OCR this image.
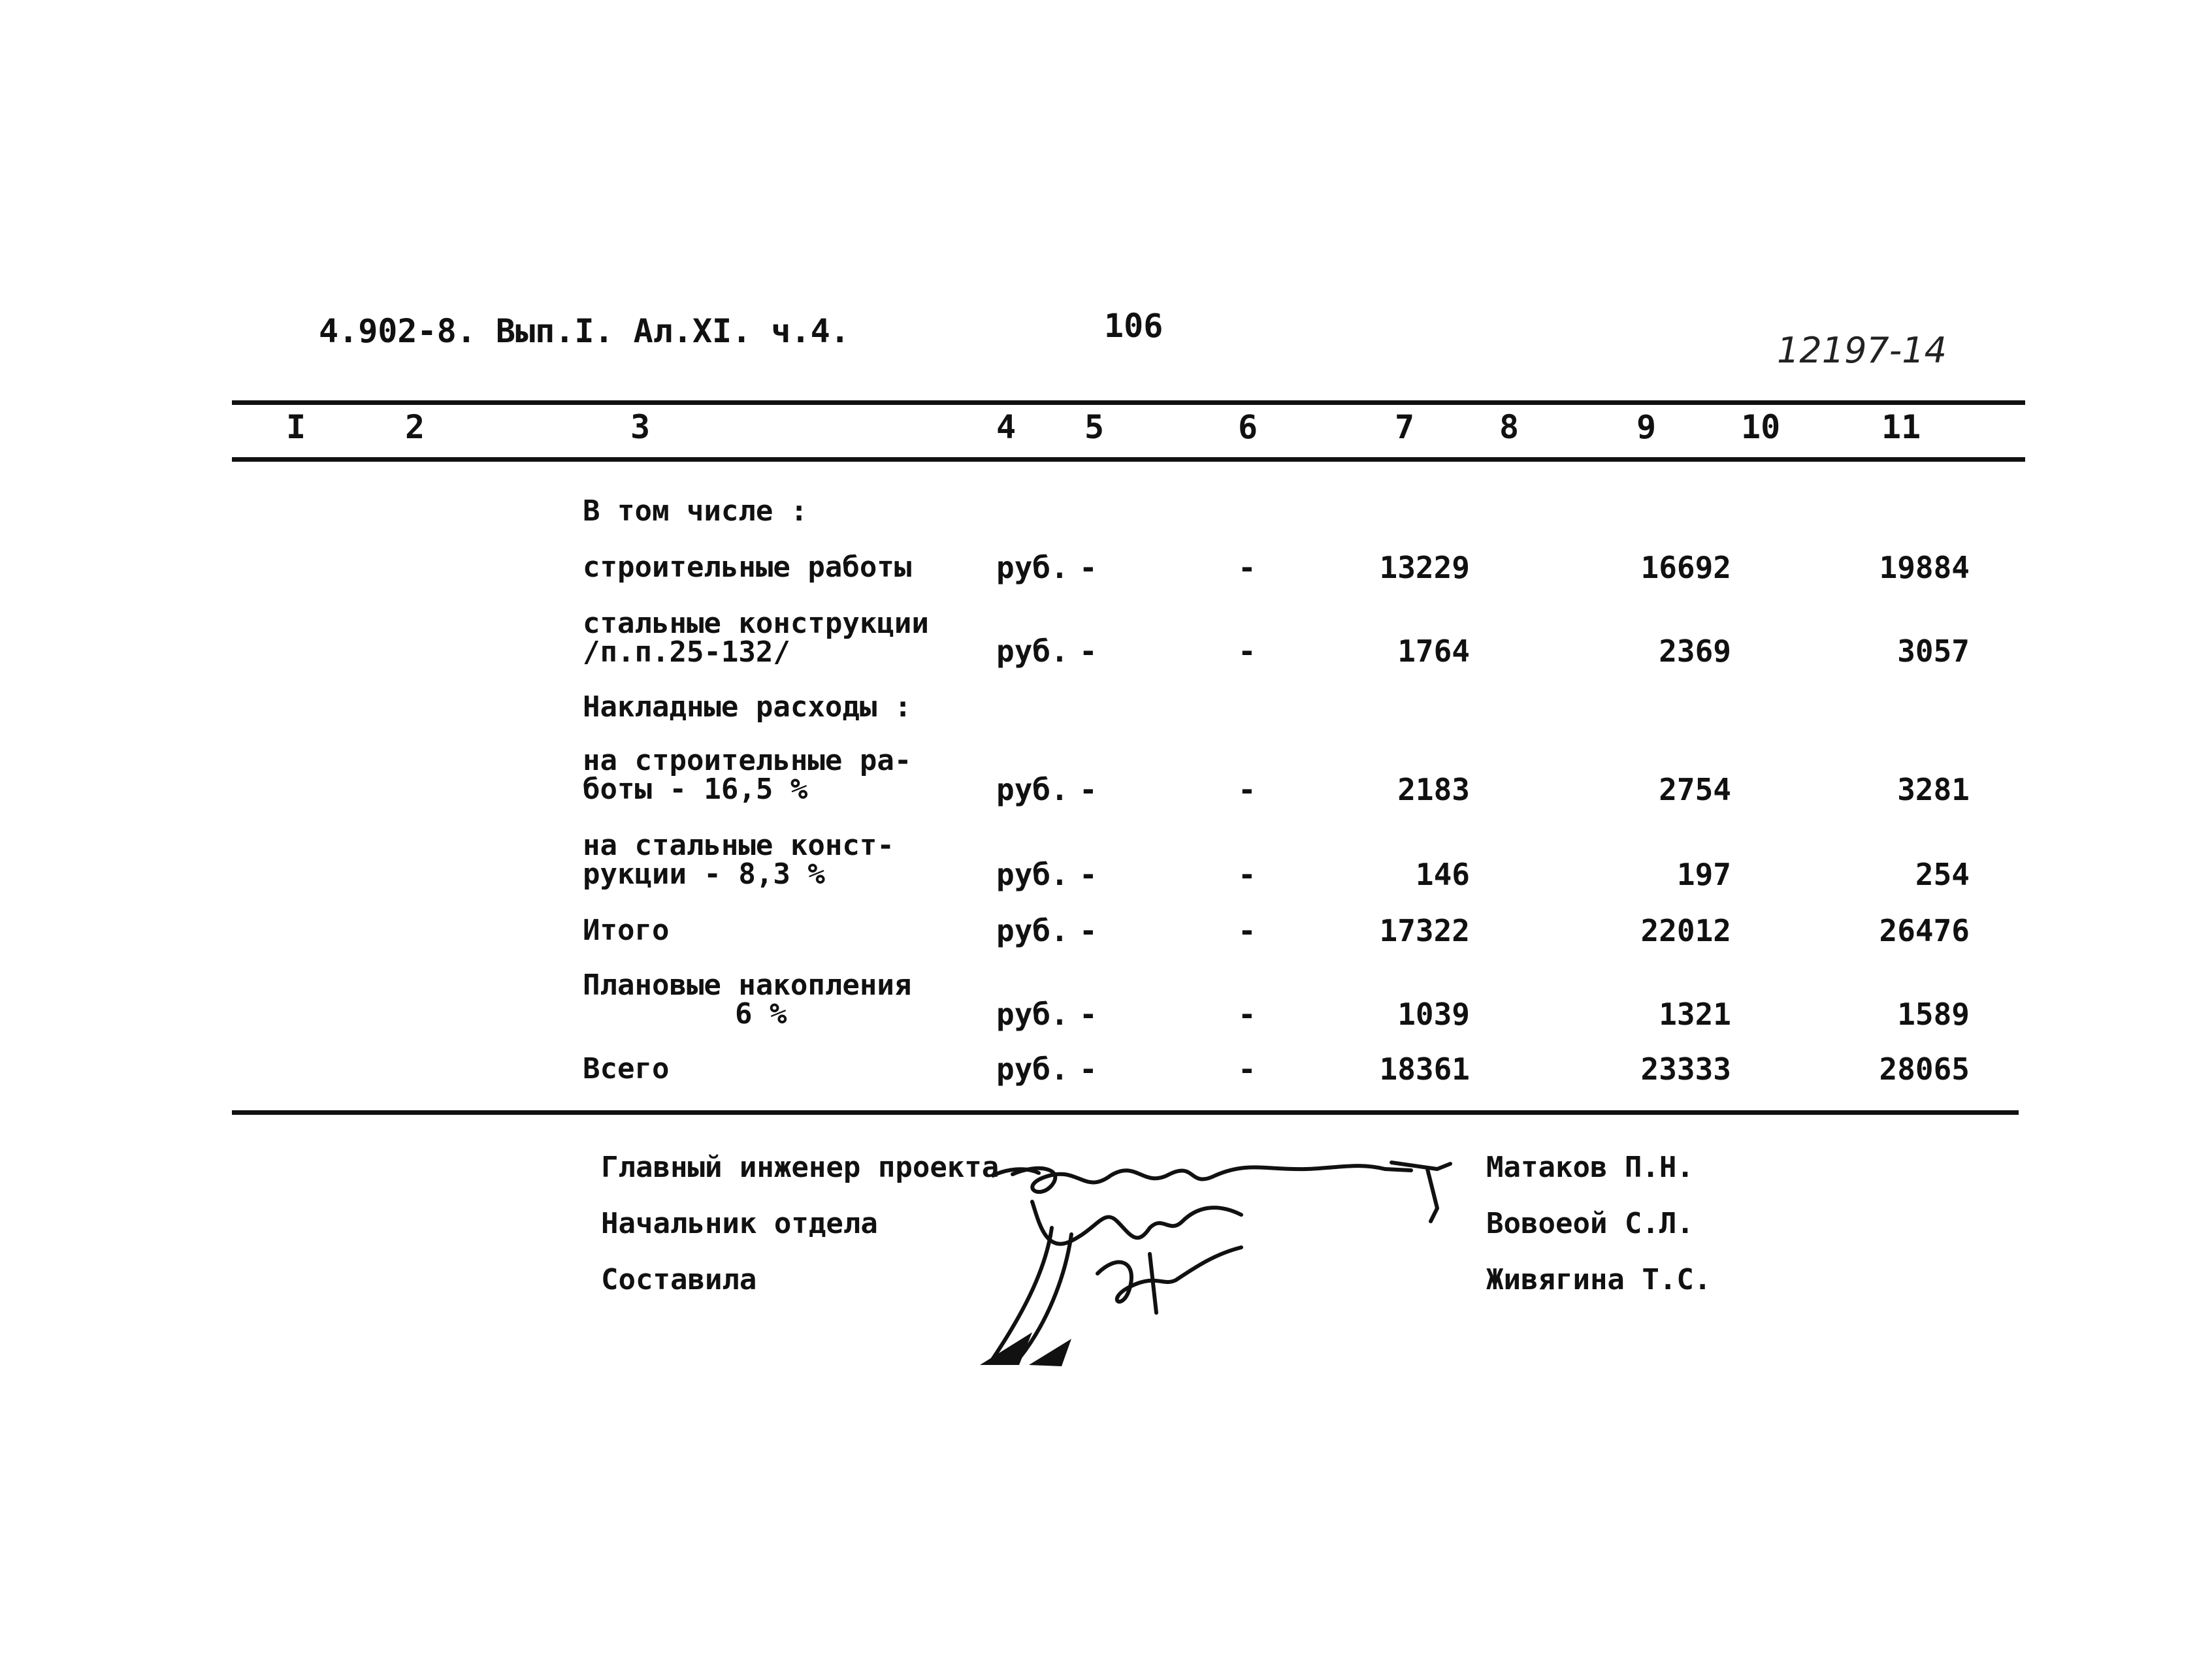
4.902-8. Вып.I. Ал.XI. ч.4.	106
12197-14
I	2	3	4 5	6	7	8	9	10	11
В том числе :
строительные работы	руб. -	-	13229	16692	19884
стальные конструкции
/п.п.25-132/	руб. -	-	1764	2369	3057
Накладные расходы :
на строительные ра-
боты - 16,5 %	руб. -	-	2183	2754	3281
на стальные конст-
рукции - 8,3 %	руб. -	-	146	197	254
Итого	руб. -	-	17322	22012	26476
Плановые накопления
6 %	руб. -	-	1039	1321	1589
Всего	руб. -	-	18361	23333	28065
Главный инженер проекта
Начальник отдела
Составила
Матаков П.Н.
Вовоеой С.Л.
Живягина Т.С.
